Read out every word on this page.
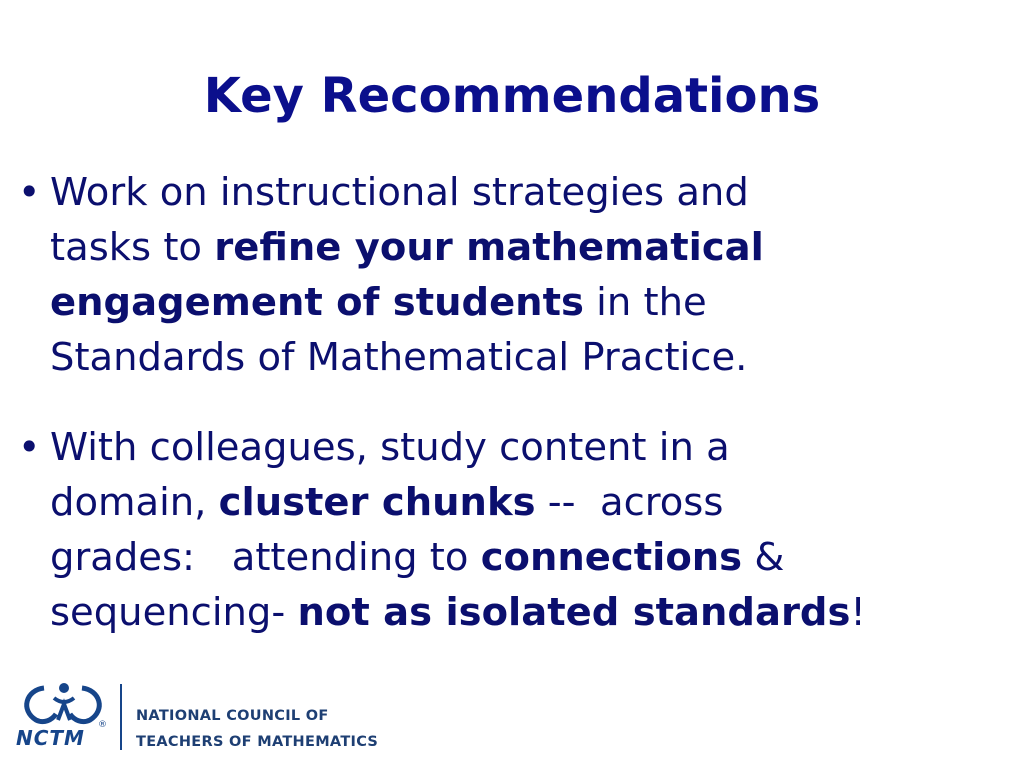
Key Recommendations
• Work on instructional strategies and
tasks to refine your mathematical
engagement of students in the
Standards of Mathematical Practice.
• With colleagues, study content in a
domain, cluster chunks --  across
grades:   attending to connections &
sequencing- not as isolated standards!
NCTM
®
NATIONAL COUNCIL OF
TEACHERS OF MATHEMATICS
